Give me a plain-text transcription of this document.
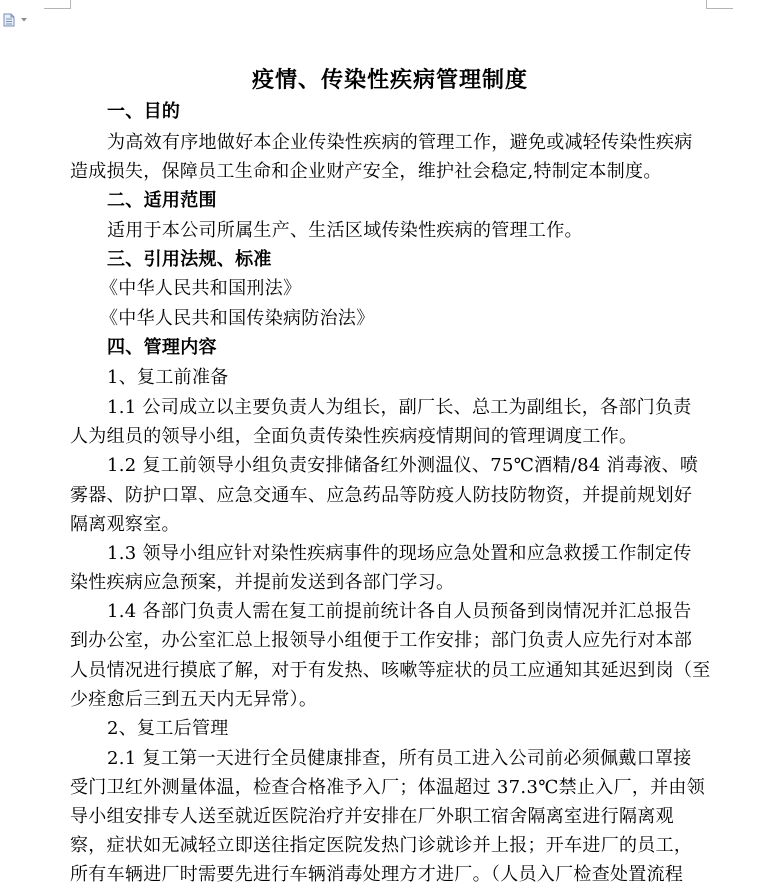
疫情、传染性疾病管理制度
一、目的
为高效有序地做好本企业传染性疾病的管理工作，避免或减轻传染性疾病
造成损失，保障员工生命和企业财产安全，维护社会稳定,特制定本制度。
二、适用范围
适用于本公司所属生产、生活区域传染性疾病的管理工作。
三、引用法规、标准
《中华人民共和国刑法》
《中华人民共和国传染病防治法》
四、管理内容
1、复工前准备
1.1 公司成立以主要负责人为组长，副厂长、总工为副组长，各部门负责
人为组员的领导小组，全面负责传染性疾病疫情期间的管理调度工作。
1.2 复工前领导小组负责安排储备红外测温仪、75℃酒精/84 消毒液、喷
雾器、防护口罩、应急交通车、应急药品等防疫人防技防物资，并提前规划好
隔离观察室。
1.3 领导小组应针对染性疾病事件的现场应急处置和应急救援工作制定传
染性疾病应急预案，并提前发送到各部门学习。
1.4 各部门负责人需在复工前提前统计各自人员预备到岗情况并汇总报告
到办公室，办公室汇总上报领导小组便于工作安排；部门负责人应先行对本部
人员情况进行摸底了解，对于有发热、咳嗽等症状的员工应通知其延迟到岗（至
少痊愈后三到五天内无异常）。
2、复工后管理
2.1 复工第一天进行全员健康排查，所有员工进入公司前必须佩戴口罩接
受门卫红外测量体温，检查合格准予入厂；体温超过 37.3℃禁止入厂，并由领
导小组安排专人送至就近医院治疗并安排在厂外职工宿舍隔离室进行隔离观
察，症状如无减轻立即送往指定医院发热门诊就诊并上报；开车进厂的员工，
所有车辆进厂时需要先进行车辆消毒处理方才进厂。（人员入厂检查处置流程
